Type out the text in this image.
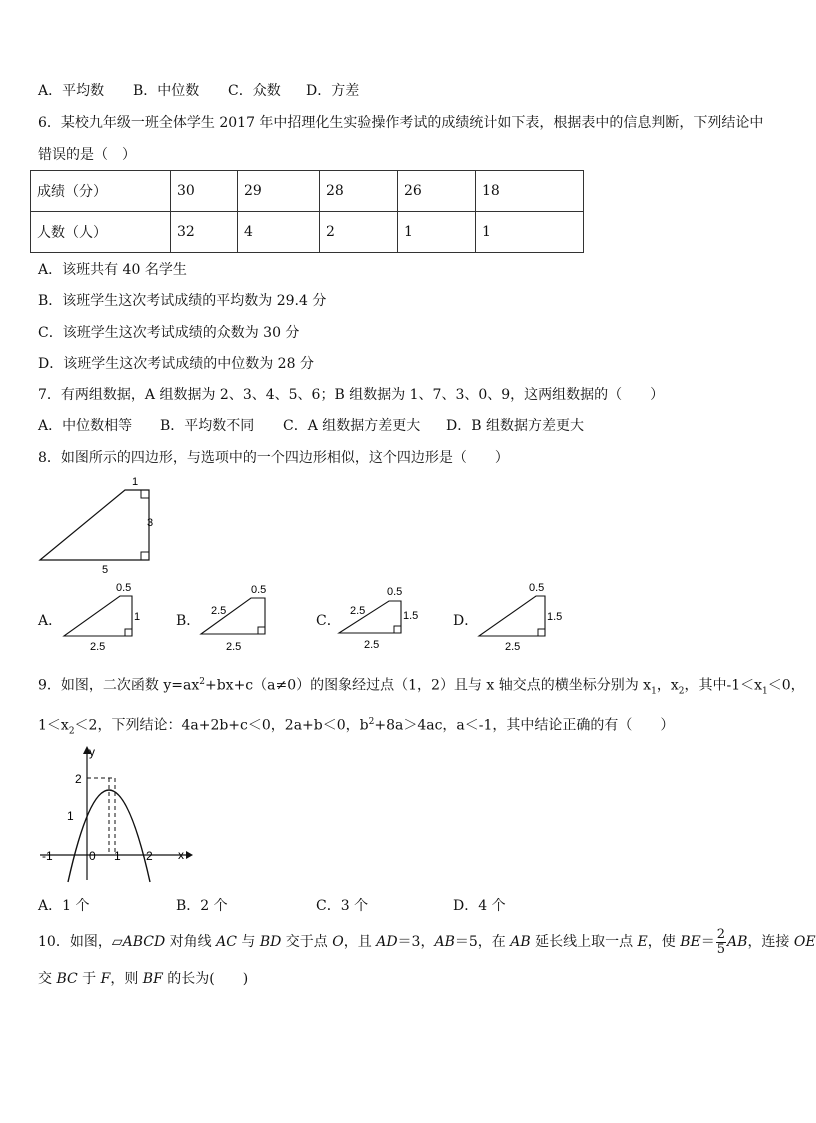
A．平均数 B．中位数 C．众数 D．方差
6．某校九年级一班全体学生 2017 年中招理化生实验操作考试的成绩统计如下表，根据表中的信息判断，下列结论中
错误的是（　）
成绩（分）	30	29	28	26	18
人数（人）	32	4	2	1	1
A．该班共有 40 名学生
B．该班学生这次考试成绩的平均数为 29.4 分
C．该班学生这次考试成绩的众数为 30 分
D．该班学生这次考试成绩的中位数为 28 分
7．有两组数据，A 组数据为 2、3、4、5、6；B 组数据为 1、7、3、0、9，这两组数据的（　　）
A．中位数相等 B．平均数不同 C．A 组数据方差更大 D．B 组数据方差更大
8．如图所示的四边形，与选项中的一个四边形相似，这个四边形是（　　）
1
3
5
A．	B．	C．	D．
0.5
1
2.5
0.5
2.5
2.5
0.5
2.5	1.5
2.5
0.5
1.5
2.5
9．如图，二次函数 $y=ax^2+bx+c(a\ne 0)$的图象经过点（1，2）且与 x 轴交点的横坐标分别为 $x_1$，$x_2$，其中$-1<x_1<0$，
$1<x_2<2$，下列结论：4a+2b+c＜0，2a+b＜0，$b^2+8a>4ac$，a＜-1，其中结论正确的有（　　）
y
x
2
1
-1	0 1 2
A．1 个	B．2 个	C．3 个	D．4 个
10．如图，▱ABCD 对角线 AC 与 BD 交于点 O，且 AD＝3，AB＝5，在 AB 延长线上取一点 E，使 $BE= \frac{2}{5}$ AB，连接 OE
交 BC 于 F，则 BF 的长为(　　)
